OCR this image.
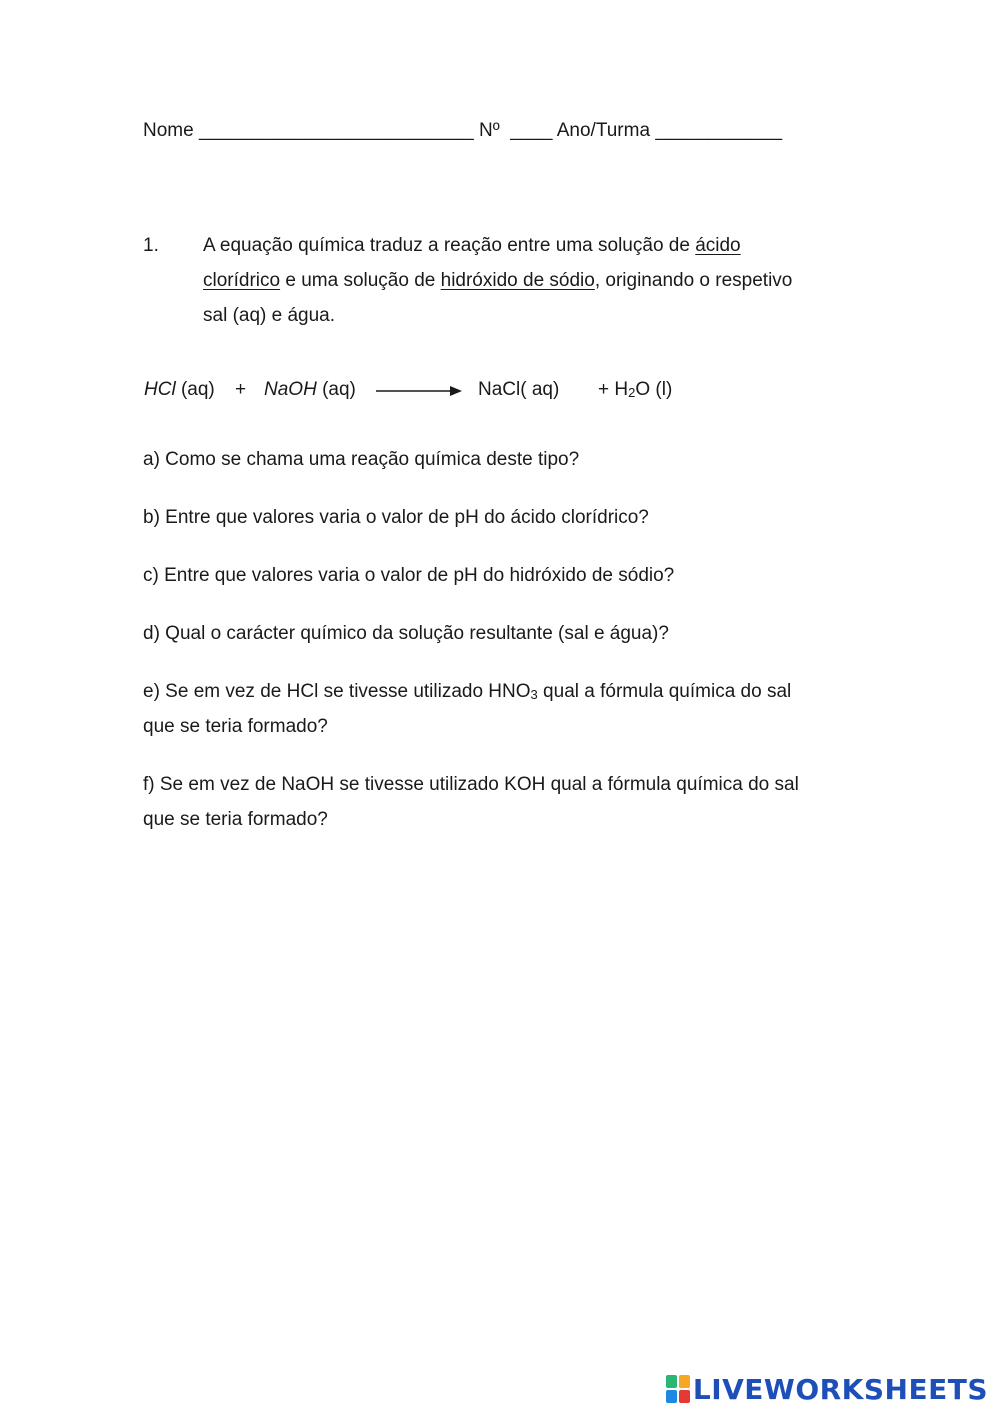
Nome __________________________ Nº ____ Ano/Turma ____________
1. A equação química traduz a reação entre uma solução de ácido
clorídrico e uma solução de hidróxido de sódio, originando o respetivo
sal (aq) e água.
HCl (aq) + NaOH (aq)	NaCl( $aq) + H_2O$ (l)
a) Como se chama uma reação química deste tipo?
b) Entre que valores varia o valor de pH do ácido clorídrico?
c) Entre que valores varia o valor de pH do hidróxido de sódio?
d) Qual o carácter químico da solução resultante (sal e água)?
e) Se em vez de HCl se tivesse utilizado $HNO_3$ qual a fórmula química do sal
que se teria formado?
f) Se em vez de NaOH se tivesse utilizado KOH qual a fórmula química do sal
que se teria formado?
LIVEWORKSHEETS
